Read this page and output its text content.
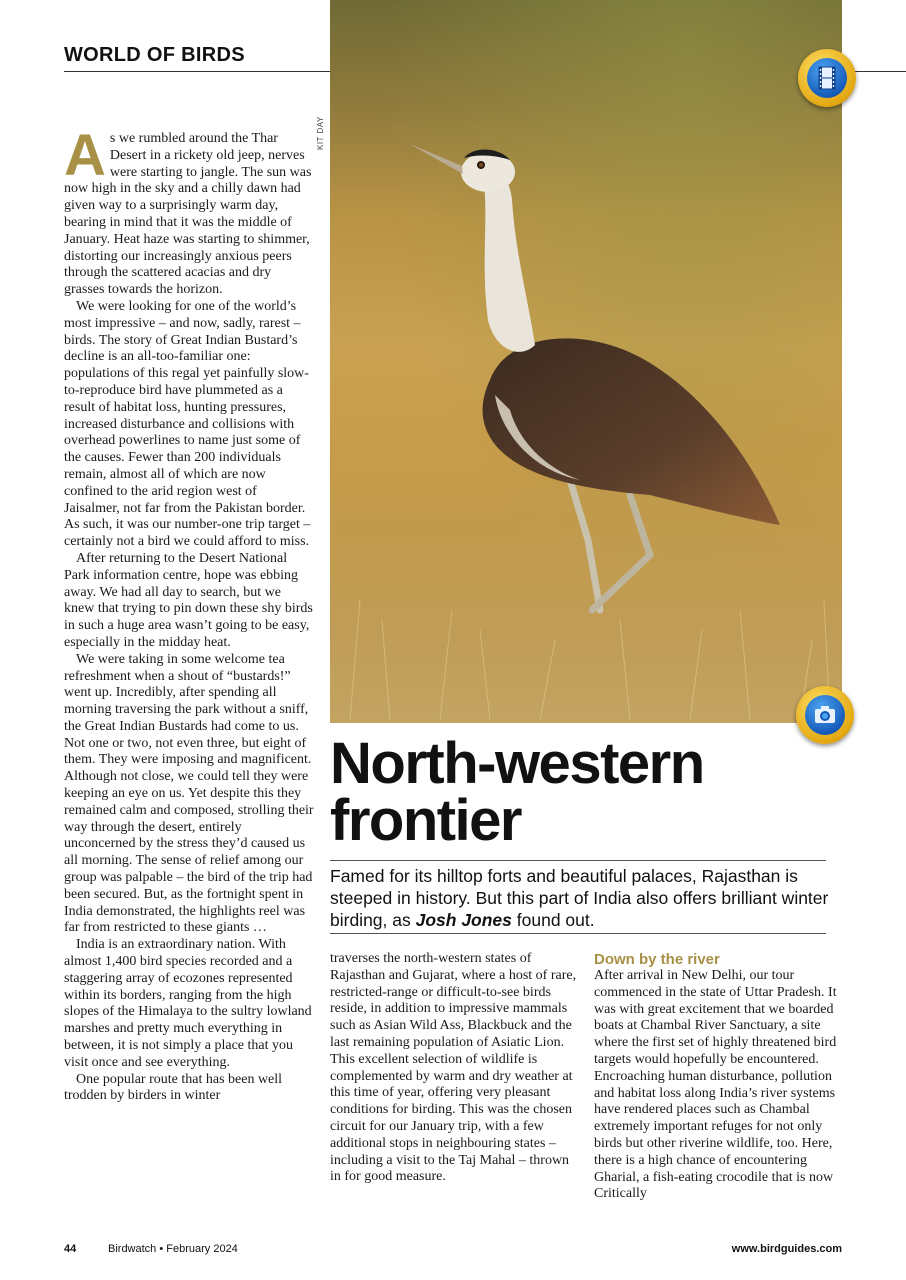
WORLD OF BIRDS
KIT DAY

As we rumbled around the Thar Desert in a rickety old jeep, nerves were starting to jangle. The sun was now high in the sky and a chilly dawn had given way to a surprisingly warm day, bearing in mind that it was the middle of January. Heat haze was starting to shimmer, distorting our increasingly anxious peers through the scattered acacias and dry grasses towards the horizon.

We were looking for one of the world’s most impressive – and now, sadly, rarest – birds. The story of Great Indian Bustard’s decline is an all-too-familiar one: populations of this regal yet painfully slow-to-reproduce bird have plummeted as a result of habitat loss, hunting pressures, increased disturbance and collisions with overhead powerlines to name just some of the causes. Fewer than 200 individuals remain, almost all of which are now confined to the arid region west of Jaisalmer, not far from the Pakistan border. As such, it was our number-one trip target – certainly not a bird we could afford to miss.

After returning to the Desert National Park information centre, hope was ebbing away. We had all day to search, but we knew that trying to pin down these shy birds in such a huge area wasn’t going to be easy, especially in the midday heat.

We were taking in some welcome tea refreshment when a shout of “bustards!” went up. Incredibly, after spending all morning traversing the park without a sniff, the Great Indian Bustards had come to us. Not one or two, not even three, but eight of them. They were imposing and magnificent. Although not close, we could tell they were keeping an eye on us. Yet despite this they remained calm and composed, strolling their way through the desert, entirely unconcerned by the stress they’d caused us all morning. The sense of relief among our group was palpable – the bird of the trip had been secured. But, as the fortnight spent in India demonstrated, the highlights reel was far from restricted to these giants …

India is an extraordinary nation. With almost 1,400 bird species recorded and a staggering array of ecozones represented within its borders, ranging from the high slopes of the Himalaya to the sultry lowland marshes and pretty much everything in between, it is not simply a place that you visit once and see everything.

One popular route that has been well trodden by birders in winter

North-western
frontier
Famed for its hilltop forts and beautiful palaces, Rajasthan is steeped in history. But this part of India also offers brilliant winter birding, as Josh Jones found out.

traverses the north-western states of Rajasthan and Gujarat, where a host of rare, restricted-range or difficult-to-see birds reside, in addition to impressive mammals such as Asian Wild Ass, Blackbuck and the last remaining population of Asiatic Lion. This excellent selection of wildlife is complemented by warm and dry weather at this time of year, offering very pleasant conditions for birding. This was the chosen circuit for our January trip, with a few additional stops in neighbouring states – including a visit to the Taj Mahal – thrown in for good measure.

Down by the river

After arrival in New Delhi, our tour commenced in the state of Uttar Pradesh. It was with great excitement that we boarded boats at Chambal River Sanctuary, a site where the first set of highly threatened bird targets would hopefully be encountered. Encroaching human disturbance, pollution and habitat loss along India’s river systems have rendered places such as Chambal extremely important refuges for not only birds but other riverine wildlife, too. Here, there is a high chance of encountering Gharial, a fish-eating crocodile that is now Critically

44	Birdwatch • February 2024	www.birdguides.com
